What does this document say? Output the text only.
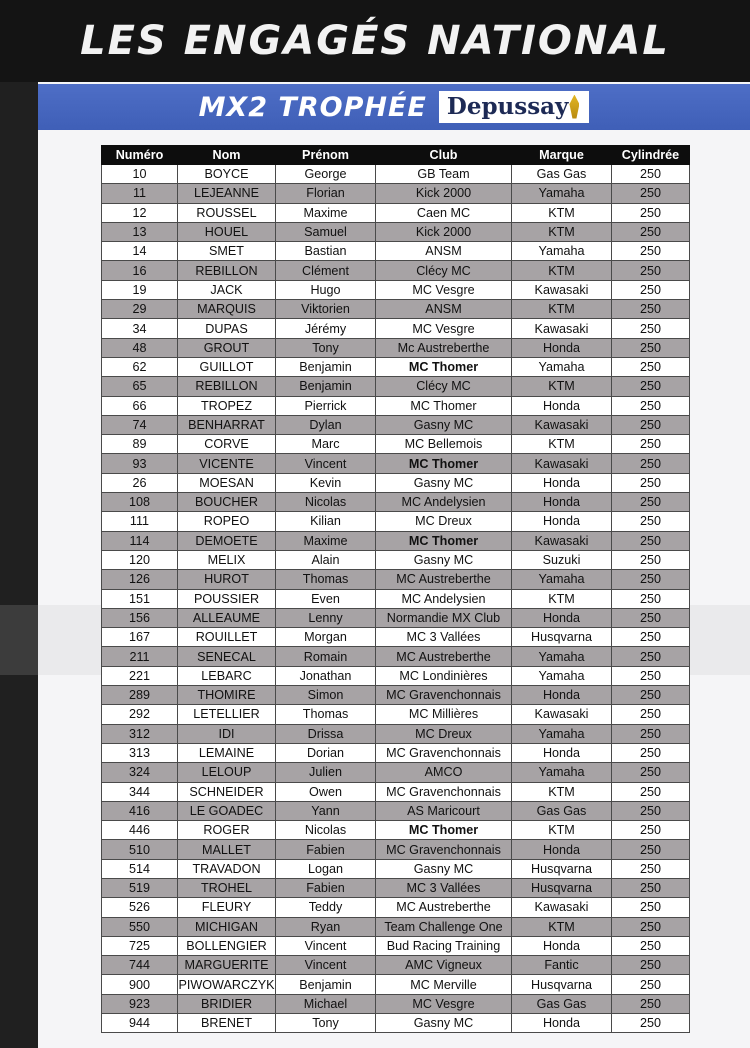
LES ENGAGÉS NATIONAL
MX2 TROPHÉE Depussay
Numéro	Nom	Prénom	Club	Marque	Cylindrée
10	BOYCE	George	GB Team	Gas Gas	250
11	LEJEANNE	Florian	Kick 2000	Yamaha	250
12	ROUSSEL	Maxime	Caen MC	KTM	250
13	HOUEL	Samuel	Kick 2000	KTM	250
14	SMET	Bastian	ANSM	Yamaha	250
16	REBILLON	Clément	Clécy MC	KTM	250
19	JACK	Hugo	MC Vesgre	Kawasaki	250
29	MARQUIS	Viktorien	ANSM	KTM	250
34	DUPAS	Jérémy	MC Vesgre	Kawasaki	250
48	GROUT	Tony	Mc Austreberthe	Honda	250
62	GUILLOT	Benjamin	MC Thomer	Yamaha	250
65	REBILLON	Benjamin	Clécy MC	KTM	250
66	TROPEZ	Pierrick	MC Thomer	Honda	250
74	BENHARRAT	Dylan	Gasny MC	Kawasaki	250
89	CORVE	Marc	MC Bellemois	KTM	250
93	VICENTE	Vincent	MC Thomer	Kawasaki	250
26	MOESAN	Kevin	Gasny MC	Honda	250
108	BOUCHER	Nicolas	MC Andelysien	Honda	250
111	ROPEO	Kilian	MC Dreux	Honda	250
114	DEMOETE	Maxime	MC Thomer	Kawasaki	250
120	MELIX	Alain	Gasny MC	Suzuki	250
126	HUROT	Thomas	MC Austreberthe	Yamaha	250
151	POUSSIER	Even	MC Andelysien	KTM	250
156	ALLEAUME	Lenny	Normandie MX Club	Honda	250
167	ROUILLET	Morgan	MC 3 Vallées	Husqvarna	250
211	SENECAL	Romain	MC Austreberthe	Yamaha	250
221	LEBARC	Jonathan	MC Londinières	Yamaha	250
289	THOMIRE	Simon	MC Gravenchonnais	Honda	250
292	LETELLIER	Thomas	MC Millières	Kawasaki	250
312	IDI	Drissa	MC Dreux	Yamaha	250
313	LEMAINE	Dorian	MC Gravenchonnais	Honda	250
324	LELOUP	Julien	AMCO	Yamaha	250
344	SCHNEIDER	Owen	MC Gravenchonnais	KTM	250
416	LE GOADEC	Yann	AS Maricourt	Gas Gas	250
446	ROGER	Nicolas	MC Thomer	KTM	250
510	MALLET	Fabien	MC Gravenchonnais	Honda	250
514	TRAVADON	Logan	Gasny MC	Husqvarna	250
519	TROHEL	Fabien	MC 3 Vallées	Husqvarna	250
526	FLEURY	Teddy	MC Austreberthe	Kawasaki	250
550	MICHIGAN	Ryan	Team Challenge One	KTM	250
725	BOLLENGIER	Vincent	Bud Racing Training	Honda	250
744	MARGUERITE	Vincent	AMC Vigneux	Fantic	250
900	PIWOWARCZYK	Benjamin	MC Merville	Husqvarna	250
923	BRIDIER	Michael	MC Vesgre	Gas Gas	250
944	BRENET	Tony	Gasny MC	Honda	250
